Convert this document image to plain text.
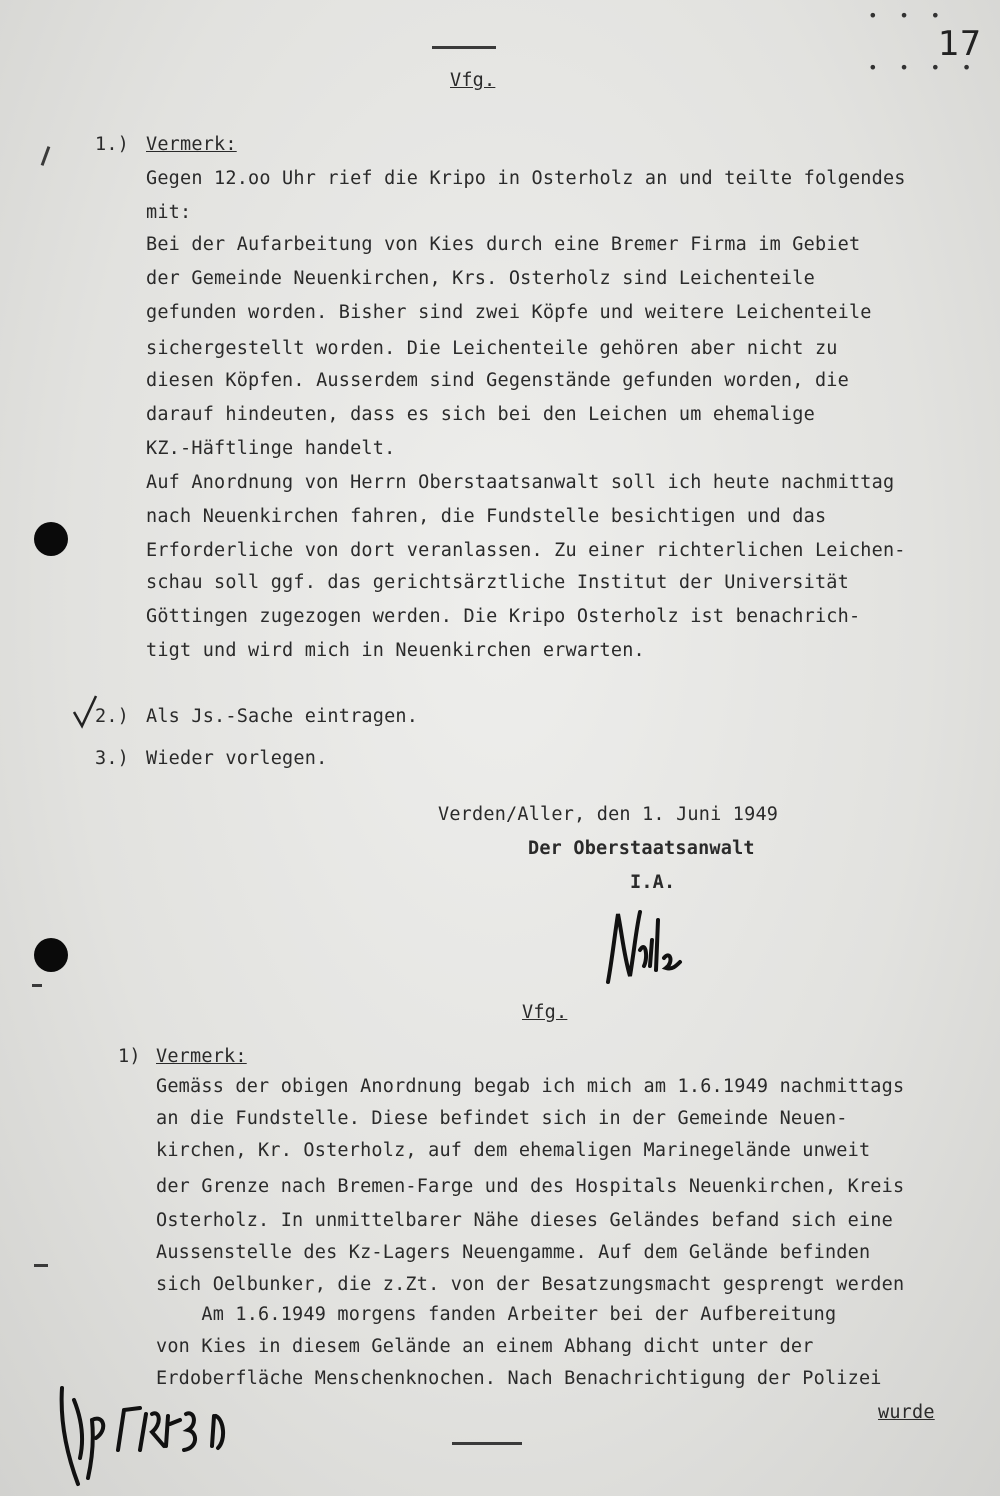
17
• • •
• • • •
Vfg.
1.) Vermerk:
Gegen 12.oo Uhr rief die Kripo in Osterholz an und teilte folgendes
mit:
Bei der Aufarbeitung von Kies durch eine Bremer Firma im Gebiet
der Gemeinde Neuenkirchen, Krs. Osterholz sind Leichenteile
gefunden worden. Bisher sind zwei Köpfe und weitere Leichenteile
sichergestellt worden. Die Leichenteile gehören aber nicht zu
diesen Köpfen. Ausserdem sind Gegenstände gefunden worden, die
darauf hindeuten, dass es sich bei den Leichen um ehemalige
KZ.-Häftlinge handelt.
Auf Anordnung von Herrn Oberstaatsanwalt soll ich heute nachmittag
nach Neuenkirchen fahren, die Fundstelle besichtigen und das
Erforderliche von dort veranlassen. Zu einer richterlichen Leichen-
schau soll ggf. das gerichtsärztliche Institut der Universität
Göttingen zugezogen werden. Die Kripo Osterholz ist benachrich-
tigt und wird mich in Neuenkirchen erwarten.
2.) Als Js.-Sache eintragen.
3.) Wieder vorlegen.
Verden/Aller, den 1. Juni 1949
Der Oberstaatsanwalt
I.A.
Vfg.
1) Vermerk:
Gemäss der obigen Anordnung begab ich mich am 1.6.1949 nachmittags
an die Fundstelle. Diese befindet sich in der Gemeinde Neuen-
kirchen, Kr. Osterholz, auf dem ehemaligen Marinegelände unweit
der Grenze nach Bremen-Farge und des Hospitals Neuenkirchen, Kreis
Osterholz. In unmittelbarer Nähe dieses Geländes befand sich eine
Aussenstelle des Kz-Lagers Neuengamme. Auf dem Gelände befinden
sich Oelbunker, die z.Zt. von der Besatzungsmacht gesprengt werden
Am 1.6.1949 morgens fanden Arbeiter bei der Aufbereitung
von Kies in diesem Gelände an einem Abhang dicht unter der
Erdoberfläche Menschenknochen. Nach Benachrichtigung der Polizei
wurde
